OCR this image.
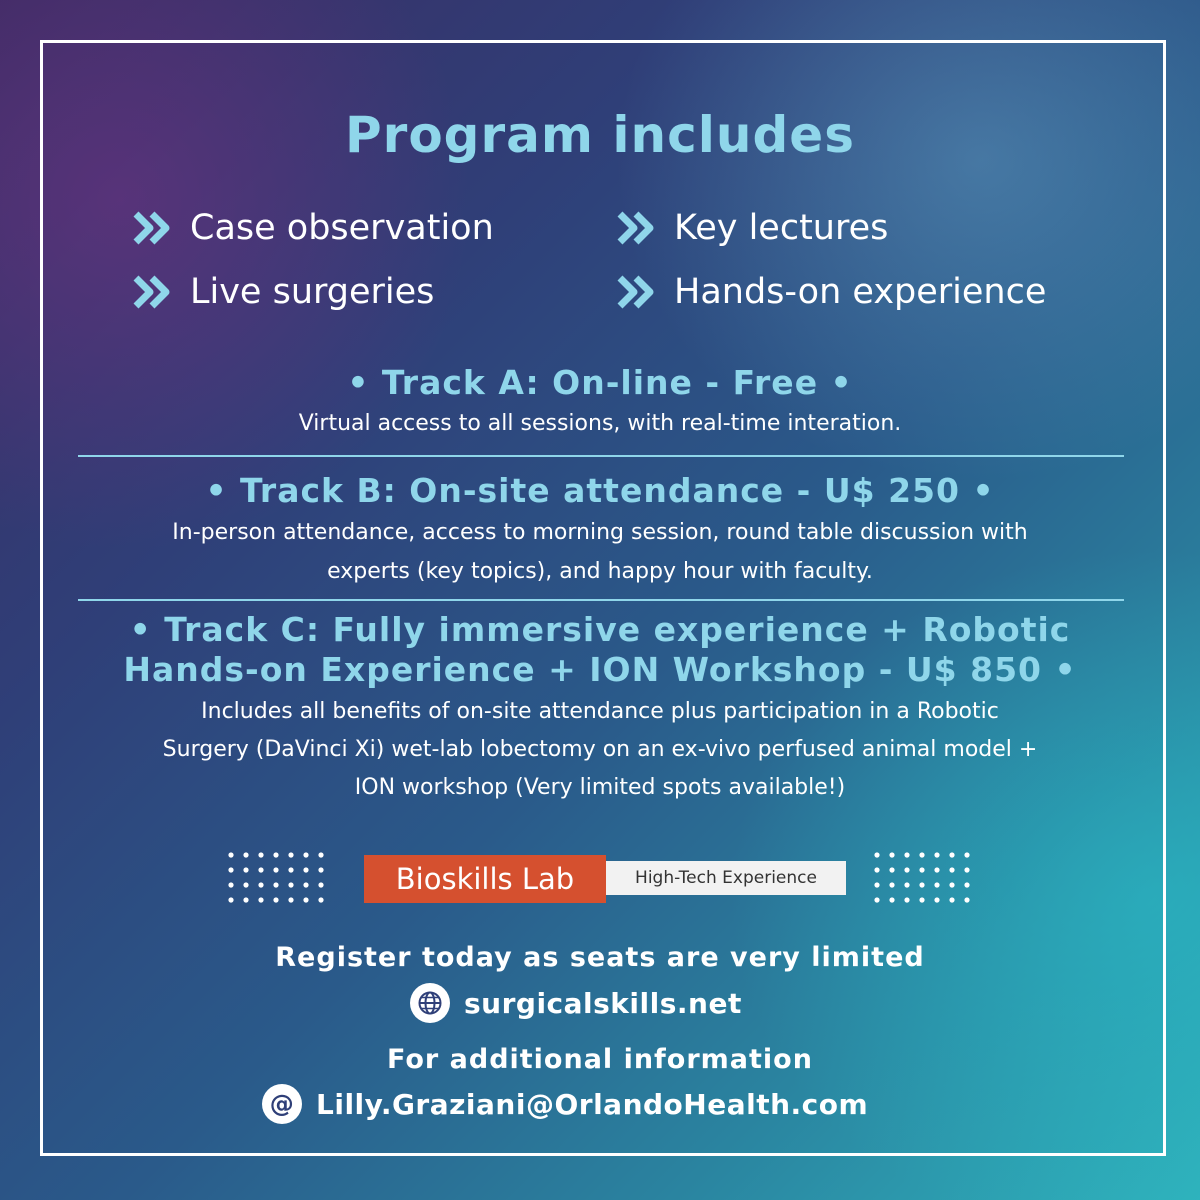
Program includes
Case observation	Key lectures
Live surgeries	Hands-on experience
• Track A: On-line - Free •
Virtual access to all sessions, with real-time interation.
• Track B: On-site attendance - U$ 250 •
In-person attendance, access to morning session, round table discussion with
experts (key topics), and happy hour with faculty.
• Track C: Fully immersive experience + Robotic
Hands-on Experience + ION Workshop - U$ 850 •
Includes all benefits of on-site attendance plus participation in a Robotic
Surgery (DaVinci Xi) wet-lab lobectomy on an ex-vivo perfused animal model +
ION workshop (Very limited spots available!)
Bioskills Lab	High-Tech Experience
Register today as seats are very limited
surgicalskills.net
For additional information
@ Lilly.Graziani@OrlandoHealth.com
